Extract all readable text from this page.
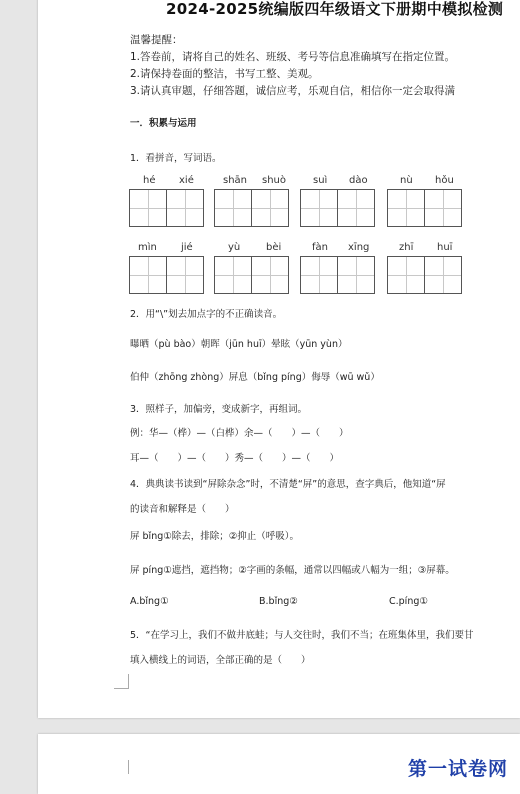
2024-2025统编版四年级语文下册期中模拟检测
温馨提醒：
1.答卷前，请将自己的姓名、班级、考号等信息准确填写在指定位置。
2.请保持卷面的整洁，书写工整、美观。
3.请认真审题，仔细答题，诚信应考，乐观自信，相信你一定会取得满
一．积累与运用
1．看拼音，写词语。
hé xié	shān shuò	suì dào	nù hǒu
mìn jié	yù	bèi	fàn xīng	zhī huī
2．用“\”划去加点字的不正确读音。
曝晒（pù bào）朝晖（jūn huī）晕眩（yūn yùn）
伯仲（zhōng zhòng）屏息（bǐng píng）侮辱（wū wǔ）
3．照样子，加偏旁，变成新字，再组词。
例：华—（桦）—（白桦）余—（　　）—（　　）
耳—（　　）—（　　）秀—（　　）—（　　）
4．典典读书读到“屏除杂念”时，不清楚“屏”的意思，查字典后，他知道“屏
的读音和解释是（　　）
屏 bǐng①除去，排除；②抑止（呼吸）。
屏 píng①遮挡，遮挡物；②字画的条幅，通常以四幅或八幅为一组；③屏幕。
A.bǐng①	B.bǐng②	C.píng①
5．“在学习上，我们不做井底蛙；与人交往时，我们不当；在班集体里，我们要甘
填入横线上的词语，全部正确的是（　　）
第一试卷网
